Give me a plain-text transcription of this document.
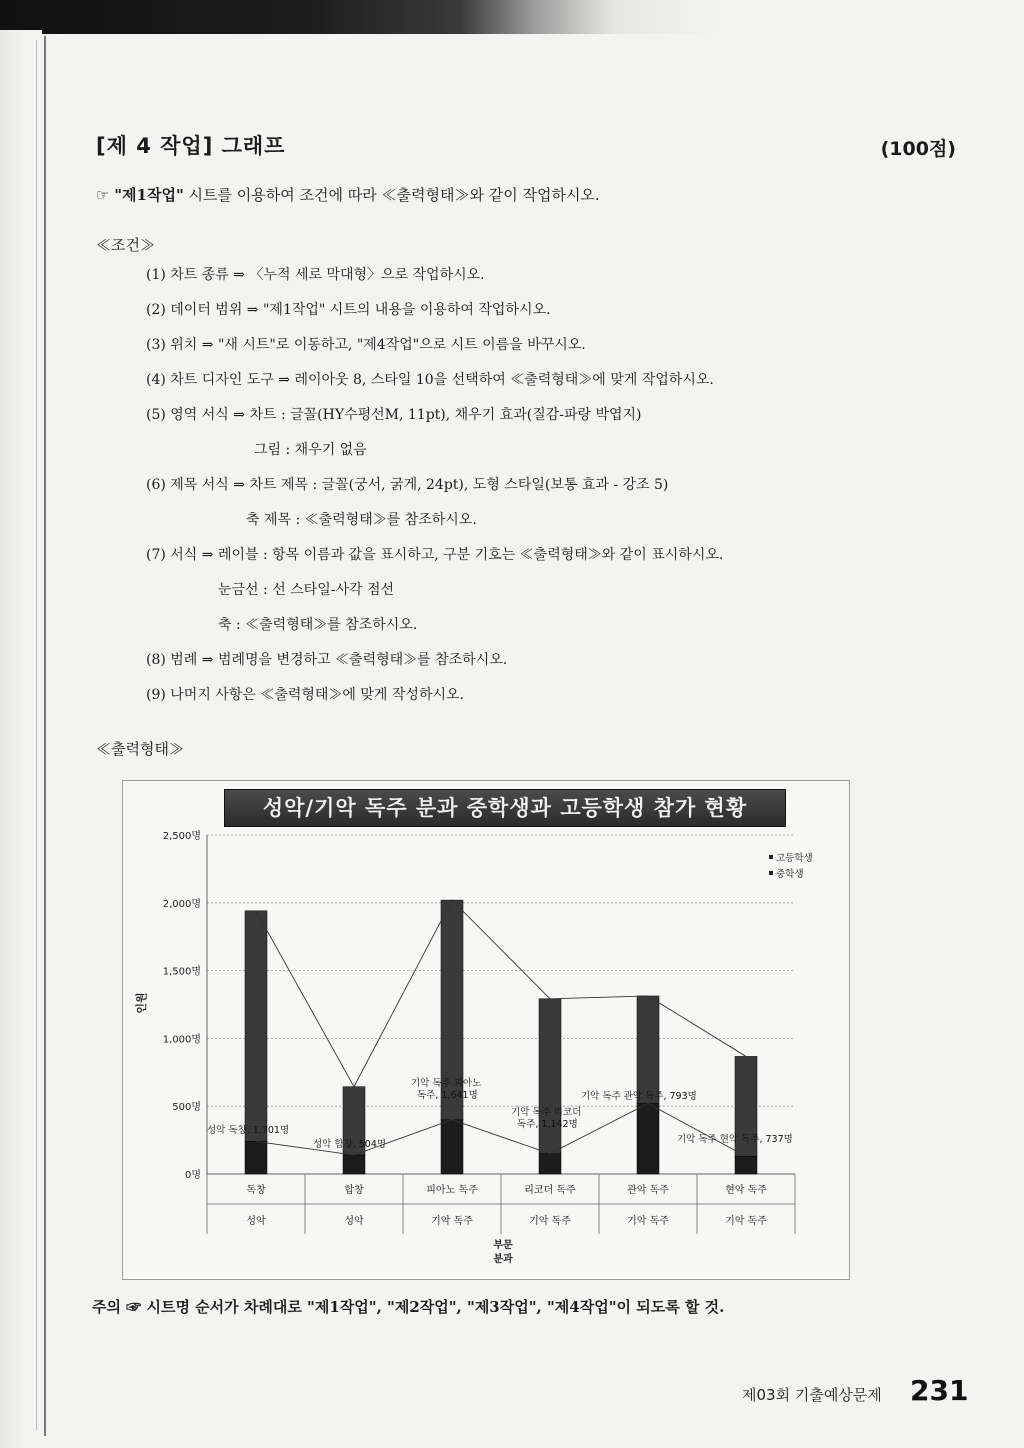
[제 4 작업] 그래프	(100점)
☞ "제1작업" 시트를 이용하여 조건에 따라 ≪출력형태≫와 같이 작업하시오.
≪조건≫
(1) 차트 종류 ⇒ 〈누적 세로 막대형〉으로 작업하시오.
(2) 데이터 범위 ⇒ "제1작업" 시트의 내용을 이용하여 작업하시오.
(3) 위치 ⇒ "새 시트"로 이동하고, "제4작업"으로 시트 이름을 바꾸시오.
(4) 차트 디자인 도구 ⇒ 레이아웃 8, 스타일 10을 선택하여 ≪출력형태≫에 맞게 작업하시오.
(5) 영역 서식 ⇒ 차트 : 글꼴(HY수평선M, 11pt), 채우기 효과(질감-파랑 박엽지)
그림 : 채우기 없음
(6) 제목 서식 ⇒ 차트 제목 : 글꼴(궁서, 굵게, 24pt), 도형 스타일(보통 효과 - 강조 5)
축 제목 : ≪출력형태≫를 참조하시오.
(7) 서식 ⇒ 레이블 : 항목 이름과 값을 표시하고, 구분 기호는 ≪출력형태≫와 같이 표시하시오.
눈금선 : 선 스타일-사각 점선
축 : ≪출력형태≫를 참조하시오.
(8) 범례 ⇒ 범례명을 변경하고 ≪출력형태≫를 참조하시오.
(9) 나머지 사항은 ≪출력형태≫에 맞게 작성하시오.
≪출력형태≫
2,500명
2,000명
1,500명
1,000명
500명
0명
인원
성악 독창, 1,701명
성악 합창, 504명
기악 독주 피아노
독주, 1,641명
기악 독주 리코더
독주, 1,142명
기악 독주 관악 독주, 793명
기악 독주 현악 독주, 737명
독창
성악
합창
성악
피아노 독주
기악 독주
리코더 독주
기악 독주
관악 독주
기악 독주
현악 독주
기악 독주
부문
분과
고등학생
중학생
성악/기악 독주 분과 중학생과 고등학생 참가 현황
주의 ☞ 시트명 순서가 차례대로 "제1작업", "제2작업", "제3작업", "제4작업"이 되도록 할 것.
제03회 기출예상문제 231
